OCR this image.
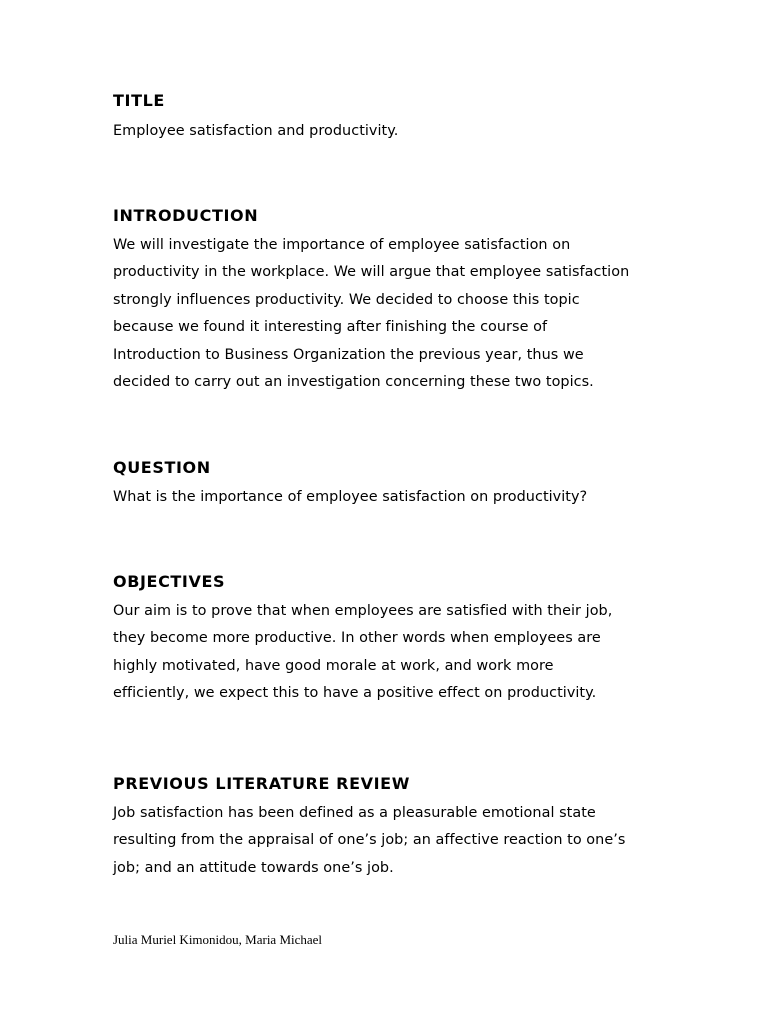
TITLE

Employee satisfaction and productivity.

INTRODUCTION

We will investigate the importance of employee satisfaction on
productivity in the workplace. We will argue that employee satisfaction
strongly influences productivity. We decided to choose this topic
because we found it interesting after finishing the course of
Introduction to Business Organization the previous year, thus we
decided to carry out an investigation concerning these two topics.

QUESTION

What is the importance of employee satisfaction on productivity?

OBJECTIVES

Our aim is to prove that when employees are satisfied with their job,
they become more productive. In other words when employees are
highly motivated, have good morale at work, and work more
efficiently, we expect this to have a positive effect on productivity.

PREVIOUS LITERATURE REVIEW

Job satisfaction has been defined as a pleasurable emotional state
resulting from the appraisal of one’s job; an affective reaction to one’s
job; and an attitude towards one’s job.

Julia Muriel Kimonidou, Maria Michael
